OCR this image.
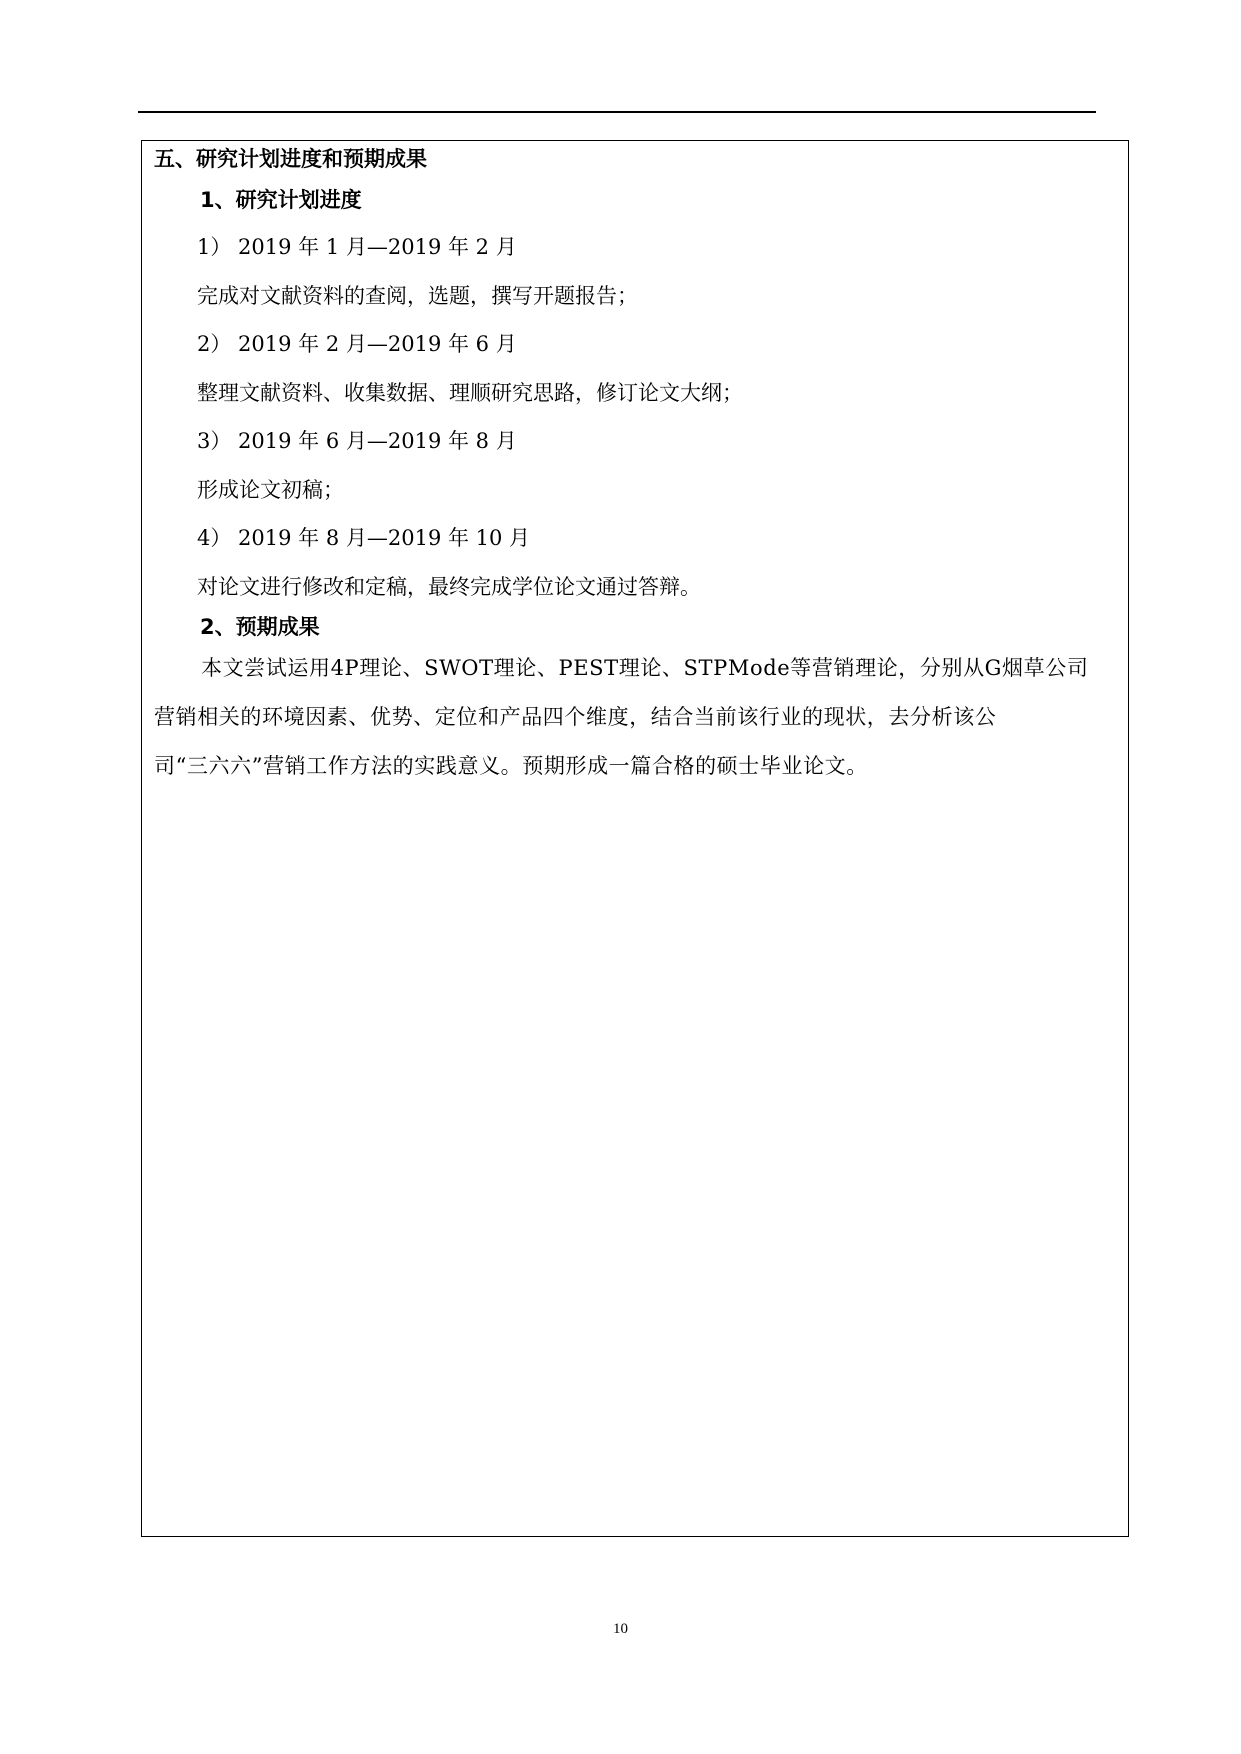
五、研究计划进度和预期成果
1、研究计划进度
1） 2019 年 1 月—2019 年 2 月
完成对文献资料的查阅，选题，撰写开题报告；
2） 2019 年 2 月—2019 年 6 月
整理文献资料、收集数据、理顺研究思路，修订论文大纲；
3） 2019 年 6 月—2019 年 8 月
形成论文初稿；
4） 2019 年 8 月—2019 年 10 月
对论文进行修改和定稿，最终完成学位论文通过答辩。
2、预期成果
本文尝试运用4P理论、SWOT理论、PEST理论、STPMode等营销理论，分别从G烟草公司
营销相关的环境因素、优势、定位和产品四个维度，结合当前该行业的现状，去分析该公
司“三六六”营销工作方法的实践意义。预期形成一篇合格的硕士毕业论文。
10
